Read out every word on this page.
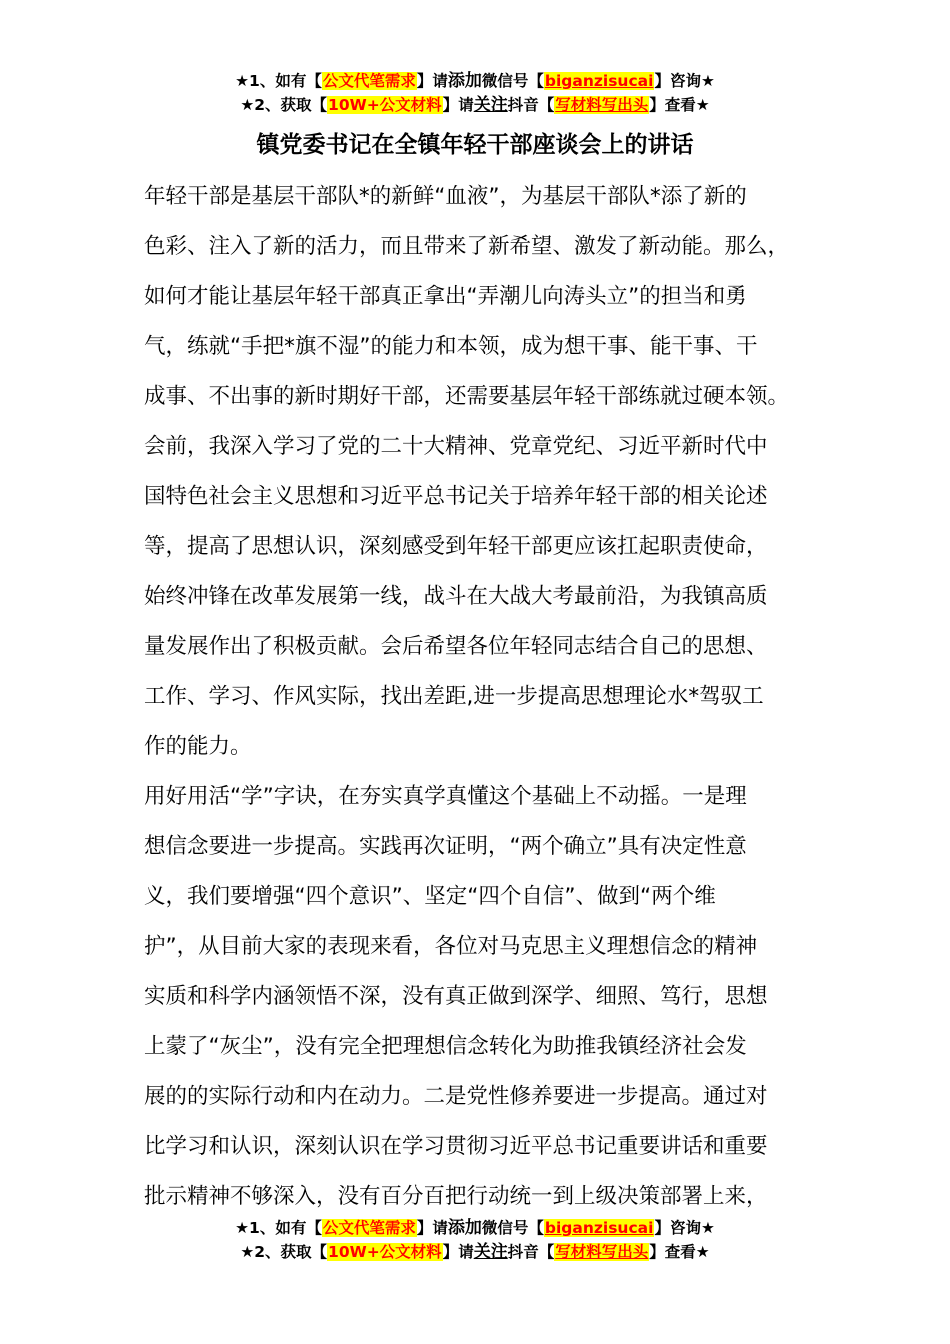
★1、如有【公文代笔需求】请添加微信号【biganzisucai】咨询★
★2、获取【10W+公文材料】请关注抖音【写材料写出头】查看★
镇党委书记在全镇年轻干部座谈会上的讲话
年轻干部是基层干部队*的新鲜“血液”，为基层干部队*添了新的
色彩、注入了新的活力，而且带来了新希望、激发了新动能。那么，
如何才能让基层年轻干部真正拿出“弄潮儿向涛头立”的担当和勇
气，练就“手把*旗不湿”的能力和本领，成为想干事、能干事、干
成事、不出事的新时期好干部，还需要基层年轻干部练就过硬本领。
会前，我深入学习了党的二十大精神、党章党纪、习近平新时代中
国特色社会主义思想和习近平总书记关于培养年轻干部的相关论述
等，提高了思想认识，深刻感受到年轻干部更应该扛起职责使命，
始终冲锋在改革发展第一线，战斗在大战大考最前沿，为我镇高质
量发展作出了积极贡献。会后希望各位年轻同志结合自己的思想、
工作、学习、作风实际，找出差距,进一步提高思想理论水*驾驭工
作的能力。
用好用活“学”字诀，在夯实真学真懂这个基础上不动摇。一是理
想信念要进一步提高。实践再次证明，“两个确立”具有决定性意
义，我们要增强“四个意识”、坚定“四个自信”、做到“两个维
护”，从目前大家的表现来看，各位对马克思主义理想信念的精神
实质和科学内涵领悟不深，没有真正做到深学、细照、笃行，思想
上蒙了“灰尘”，没有完全把理想信念转化为助推我镇经济社会发
展的的实际行动和内在动力。二是党性修养要进一步提高。通过对
比学习和认识，深刻认识在学习贯彻习近平总书记重要讲话和重要
批示精神不够深入，没有百分百把行动统一到上级决策部署上来，
★1、如有【公文代笔需求】请添加微信号【biganzisucai】咨询★
★2、获取【10W+公文材料】请关注抖音【写材料写出头】查看★
